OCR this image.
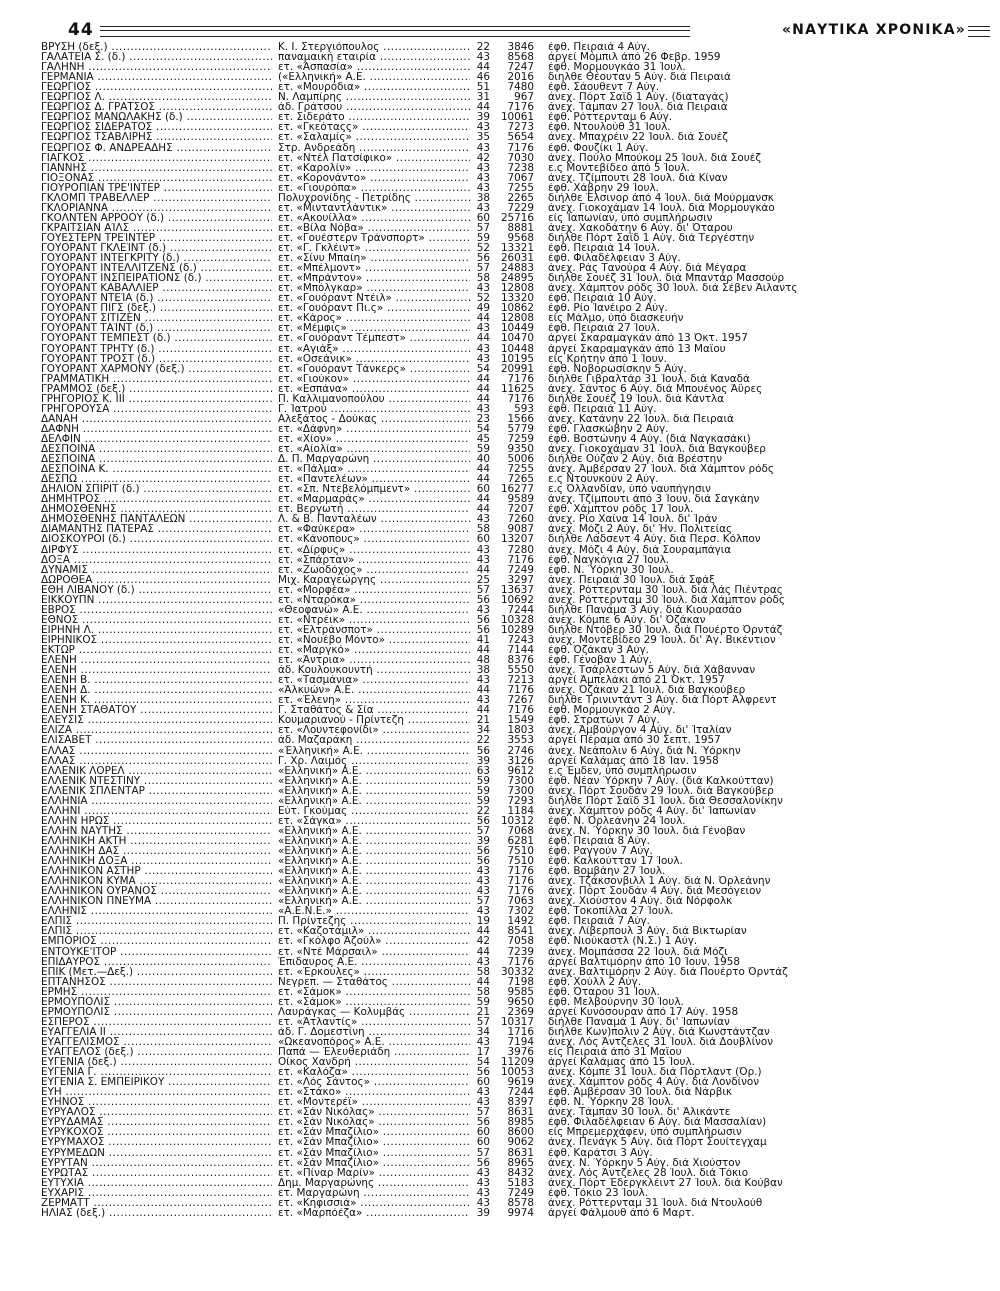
44	«ΝΑΥΤΙΚΑ ΧΡΟΝΙΚΑ»
ΒΡΥΣΗ (δεξ.) .....	Κ. Ι. Στεργιόπουλος .....	22	3846 έφθ. Πειραιά 4 Αύγ.
ΓΑΛΑΤΕΙΑ Σ. (δ.) .....	παναμαική εταιρία .....	43	8568 άργεί Μόμπιλ άπό 26 Φεβρ. 1959
ΓΑΛΗΝΗ .....	ετ. «Άσπασία» .....	44	7247 έφθ. Μορμουγκάο 31 Ίουλ.
ΓΕΡΜΑΝΙΑ .....	(«Ελληνική» Α.Ε. .....	46	2016 διηλθε Θέουταν 5 Αύγ. διά Πειραιά
ΓΕΩΡΓΙΟΣ .....	ετ. «Μουρόδια» .....	51	7480 έφθ. Σάουθεντ 7 Αύγ.
ΓΕΩΡΓΙΟΣ Λ. .....	Ν. Λαμπίρης .....	31	967 άνεχ. Πόρτ Σαΐδ 1 Αύγ. (διαταγάς)
ΓΕΩΡΓΙΟΣ Δ. ΓΡΑΤΣΟΣ .....	άδ. Γράτσου .....	44	7176 άνεχ. Τάμπαν 27 Ίουλ. διά Πειραιά
ΓΕΩΡΓΙΟΣ ΜΑΝΩΛΑΚΗΣ (δ.) .....	ετ. Σιδεράτο .....	39	10061 έφθ. Ρόττερνταμ 6 Αύγ.
ΓΕΩΡΓΙΟΣ ΣΙΔΕΡΑΤΟΣ .....	ετ. «Γκεόταςς» .....	43	7273 έφθ. Ντουλούθ 31 Ίουλ.
ΓΕΩΡΓΙΟΣ ΤΣΑΒΛΙΡΗΣ .....	ετ. «Σαλαμίς» .....	35	5654 άνεχ. Μπαχρέιν 22 Ίουλ. διά Σουέζ
ΓΕΩΡΓΙΟΣ Φ. ΑΝΔΡΕΑΔΗΣ .....	Στρ. Ανδρεάδη .....	43	7176 έφθ. Φουζίκι 1 Αύγ.
ΓΙΑΓΚΟΣ .....	ετ. «Ντέλ Πατσίφικο» .....	42	7030 άνεχ. Πούλο Μπούκομ 25 Ίουλ. διά Σουέζ
ΓΙΑΝΝΗΣ .....	ετ. «Καρολίν» .....	43	7238 ε.ς Μοντεβίδεο άπό 5 Ίουλ.
ΓΙΟΞΟΝΑΣ .....	ετ. «Κορονάντο» .....	43	7067 άνεχ. Τζίμπουτι 28 Ίουλ. διά Κίναν
ΓΙΟΥΡΟΠΙΑΝ ΤΡΕ'ΙΝΤΕΡ .....	ετ. «Γιουρόπα» .....	43	7255 έφθ. Χάβρην 29 Ίουλ.
ΓΚΛΟΜΠ ΤΡΑΒΕΛΛΕΡ .....	Πολυχρονίδης - Πετρίδης .....	38	2265 διήλθε Έλσινορ άπό 4 Ίουλ. διά Μούρμανσκ
ΓΚΛΟΡΙΑΝΝΑ .....	ετ. «Μινταντλάντικ» .....	43	7229 άνεχ. Γιοκοχάμαν 14 Ίουλ. διά Μορμουγκάο
ΓΚΟΛΝΤΕΝ ΑΡΡΟΟΥ (δ.) .....	ετ. «Ακουίλλα» .....	60	25716 είς Ίαπωνίαν, ύπό συμπλήρωσιν
ΓΚΡΑΙΤΣΙΑΝ ΑΊΛΣ .....	ετ. «Βίλα Νόβα» .....	57	8881 άνεχ. Χακοδάτην 6 Αύγ. δι' Όταρου
ΓΟΥΕΣΤΕΡΝ ΤΡΕΊΝΤΕΡ .....	ετ. «Γουέστερν Τράνσπορτ» .....	59	9568 διήλθε Πόρτ Σαΐδ 1 Αύγ. διά Τεργέστην
ΓΟΥΟΡΑΝΤ ΓΚΛΕΊΝΤ (δ.) .....	ετ. «Γ. Γκλέιντ» .....	52	13321 έφθ. Πειραιά 14 Ίουλ.
ΓΟΥΟΡΑΝΤ ΙΝΤΕΓΚΡΙΤΥ (δ.) .....	ετ. «Σίνυ Μπαίη» .....	56	26031 έφθ. Φιλαδέλφειαν 3 Αύγ.
ΓΟΥΟΡΑΝΤ ΙΝΤΕΛΛΙΤΖΕΝΣ (δ.) .....	ετ. «Μπέλμοντ» .....	57	24883 άνεχ. Ράς Τανούρα 4 Αύγ. διά Μέγαρα
ΓΟΥΟΡΑΝΤ ΙΝΣΠΕΙΡΑΤΙΟΝΣ (δ.) .....	ετ. «Μπράντον» .....	58	24895 διήλθε Σουέζ 31 Ίουλ. διά Μπαντάρ Μασσούρ
ΓΟΥΟΡΑΝΤ ΚΑΒΑΛΛΙΕΡ .....	ετ. «Μπόλγκαρ» .....	43	12808 άνεχ. Χάμπτον ρόδς 30 Ίουλ. διά Σέβεν Άιλαντς
ΓΟΥΟΡΑΝΤ ΝΤΕΊΑ (δ.) .....	ετ. «Γουόραντ Ντέιλ» .....	52	13320 έφθ. Πειραιά 10 Αύγ.
ΓΟΥΟΡΑΝΤ ΠΙΓΣ (δεξ.) .....	ετ. «Γουόραντ Πι.ς» .....	49	10862 έφθ. Ρίο Ίανέιρο 2 Αύγ.
ΓΟΥΟΡΑΝΤ ΣΙΤΙΖΕΝ .....	ετ. «Κάρος» .....	44	12808 είς Μάλμο, ύπό διασκευήν
ΓΟΥΟΡΑΝΤ ΤΑΊΝΤ (δ.) .....	ετ. «Μέμφις» .....	43	10449 έφθ. Πειραιά 27 Ίουλ.
ΓΟΥΟΡΑΝΤ ΤΕΜΠΕΣΤ (δ.) .....	ετ. «Γουόραντ Τέμπεστ» .....	44	10470 άργεί Σκαραμαγκάν άπό 13 Όκτ. 1957
ΓΟΥΟΡΑΝΤ ΤΡΗΤΥ (δ.) .....	ετ. «Αγιάξ» .....	43	10448 άργεί Σκαραμαγκάν άπό 13 Μαΐου
ΓΟΥΟΡΑΝΤ ΤΡΟΣΤ (δ.) .....	ετ. «Οσεάνικ» .....	43	10195 είς Κρήτην άπό 1 Ίουν.
ΓΟΥΟΡΑΝΤ ΧΑΡΜΟΝΥ (δεξ.) .....	ετ. «Γουόραντ Τάνκερς» .....	54	20991 έφθ. Νοβορωσίσκην 5 Αύγ.
ΓΡΑΜΜΑΤΙΚΗ .....	ετ. «Γιούκον» .....	44	7176 διήλθε Γιβραλτάρ 31 Ίουλ. διά Καναδά
ΓΡΑΜΜΟΣ (δεξ.) .....	ετ. «Εσπάνα» .....	44	11625 άνεχ. Σάντος 6 Αύγ. διά Μπουένος Άϋρες
ΓΡΗΓΟΡΙΟΣ Κ. ΙΙΙ .....	Π. Καλλιμανοπούλου .....	44	7176 διήλθε Σουέζ 19 Ίουλ. διά Κάντλα
ΓΡΗΓΟΡΟΥΣΑ .....	Γ. Ίατρού .....	43	593 έφθ. Πειραιά 11 Αύγ.
ΔΑΝΑΗ .....	Αλεξάτος - Δούκας .....	23	1566 άνεχ. Κατάνην 22 Ίουλ. διά Πειραιά
ΔΑΦΝΗ .....	ετ. «Δάφνη» .....	54	5779 έφθ. Γλασκώβην 2 Αύγ.
ΔΕΛΦΙΝ .....	ετ. «Χίον» .....	45	7259 έφθ. Βοστώνην 4 Αύγ. (διά Ναγκασάκι)
ΔΕΣΠΟΙΝΑ .....	ετ. «Αίολία» .....	59	9350 άνεχ. Γιοκοχάμαν 31 Ίουλ. διά Βαγκούβερ
ΔΕΣΠΟΙΝΑ .....	Δ. Π. Μαργαρώνη .....	40	5006 διήλθε Ούζαν 2 Αύγ. διά Βρέστην
ΔΕΣΠΟΙΝΑ Κ. .....	ετ. «Πάλμα» .....	44	7255 άνεχ. Άμβέρσαν 27 Ίουλ. διά Χάμπτον ρόδς
ΔΕΣΠΩ .....	ετ. «Παντελέων» .....	44	7265 ε.ς Ντουνκούν 2 Αύγ.
ΔΗΛΙΟΝ ΣΠΙΡΙΤ (δ.) .....	ετ. «Σπ. Ντεβελόμπμεντ» .....	60	16277 ε.ς Όλλανδίαν, ύπό ναυπήγησιν
ΔΗΜΗΤΡΟΣ .....	ετ. «Μαρμαράς» .....	44	9589 άνεχ. Τζίμπουτι άπό 3 Ίουν. διά Σαγκάην
ΔΗΜΟΣΘΕΝΗΣ .....	ετ. Βεργωτή .....	44	7207 έφθ. Χάμπτον ρόδς 17 Ίουλ.
ΔΗΜΟΣΘΕΝΗΣ ΠΑΝΤΑΛΕΩΝ .....	Λ. & Β. Πανταλέων .....	43	7260 άνεχ. Ρίο Χαίνα 14 Ίουλ. δι' Ίράν
ΔΙΑΜΑΝΤΗΣ ΠΑΤΕΡΑΣ .....	ετ. «Φαύκερα» .....	58	9087 άνεχ. Μόζι 2 Αύγ. δι' Ήν. Πολιτείας
ΔΙΟΣΚΟΥΡΟΙ (δ.) .....	ετ. «Κάνοπους» .....	60	13207 διήλθε Λάδσεντ 4 Αύγ. διά Περσ. Κόλπον
ΔΙΡΦΥΣ .....	ετ. «Δίρφυς» .....	43	7280 άνεχ. Μόζι 4 Αύγ. διά Σουραμπάγια
ΔΟΞΑ .....	ετ. «Σπάρταν» .....	43	7176 έφθ. Ναγκόγια 27 Ίουλ.
ΔΥΝΑΜΙΣ .....	ετ. «Ζωοδόχος» .....	44	7249 έφθ. Ν. Ύόρκην 30 Ίουλ.
ΔΩΡΟΘΕΑ .....	Μιχ. Καραγεώργης .....	25	3297 άνεχ. Πειραιά 30 Ίουλ. διά Σφάξ
ΕΘΗ ΛΙΒΑΝΟΥ (δ.) .....	ετ. «Μορφέα» .....	57	13637 άνεχ. Ρόττερνταμ 30 Ίουλ. διά Λάς Πιέντρας
ΕΙΚΚΟΥΠΝ .....	ετ. «Νταρόκα» .....	56	10692 άνεχ. Ρόττερνταμ 30 Ίουλ. διά Χάμπτον ρόδς
ΕΒΡΟΣ .....	«Θεοφανώ» Α.Ε. .....	43	7244 διήλθε Πανάμα 3 Αύγ. διά Κιουρασάο
ΕΘΝΟΣ .....	ετ. «Ντρέικ» .....	56	10328 άνεχ. Κόμπε 6 Αύγ. δι' Όζάκαν
ΕΙΡΗΝΗ Λ. .....	ετ. «Ελτράνσποτ» .....	56	10289 διήλθε Ντόβερ 30 Ίουλ. διά Πουέρτο Όρντάζ
ΕΙΡΗΝΙΚΟΣ .....	ετ. «Νουέβο Μόντο» .....	41	7243 άνεχ. Μοντεβίδεο 29 Ίουλ. δι' Άγ. Βικέντιον
ΕΚΤΩΡ .....	ετ. «Μαργκό» .....	44	7144 έφθ. Όζάκαν 3 Αύγ.
ΕΛΕΝΗ .....	ετ. «Άντρια» .....	48	8376 έφθ. Γένοβαν 1 Αύγ.
ΕΛΕΝΗ .....	άδ. Κουλουκουντή .....	38	5550 άνεχ. Τσάρλεστων 5 Αύγ. διά Χάβανναν
ΕΛΕΝΗ Β. .....	ετ. «Τασμάνια» .....	43	7213 άργεί Άμπελάκι άπό 21 Όκτ. 1957
ΕΛΕΝΗ Δ. .....	«Άλκυών» Α.Ε. .....	44	7176 άνεχ. Όζάκαν 21 Ίουλ. διά Βαγκούβερ
ΕΛΕΝΗ Κ. .....	ετ. «Έλενη» .....	43	7267 διήλθε Τρινιντάντ 3 Αύγ. διά Πόρτ Άλφρεντ
ΕΛΕΝΗ ΣΤΑΘΑΤΟΥ .....	Γ. Σταθάτος & Σία .....	44	7176 έφθ. Μορμουγκάο 2 Αύγ.
ΕΛΕΥΣΙΣ .....	Κουμαριανού - Πρίντεζη .....	21	1549 έφθ. Στρατώνι 7 Αύγ.
ΕΛΙΖΑ .....	ετ. «Λουντεφονίδι» .....	34	1803 άνεχ. Άμβούργον 4 Αύγ. δι' Ίταλίαν
ΕΛΙΣΑΒΕΤ .....	άδ. Μαζαράκη .....	22	3553 άργεί Πέραμα άπό 30 Σεπτ. 1957
ΕΛΛΑΣ .....	«Έλληνική» Α.Ε. .....	56	2746 άνεχ. Νεάπολιν 6 Αύγ. διά Ν. Ύόρκην
ΕΛΛΑΣ .....	Γ. Χρ. Λαιμός .....	39	3126 άργεί Καλάμας άπό 18 Ίαν. 1958
ΕΛΛΕΝΙΚ ΛΟΡΕΛ .....	«Ελληνική» Α.Ε. .....	63	9612 ε.ς Έμδεν, ύπό συμπλήρωσιν
ΕΛΛΕΝΙΚ ΝΤΕΣΤΙΝΥ .....	«Ελληνική» Α.Ε. .....	59	7300 έφθ. Νέαν Ύόρκην 7 Αύγ. (διά Καλκούτταν)
ΕΛΛΕΝΙΚ ΣΠΛΕΝΤΑΡ .....	«Ελληνική» Α.Ε. .....	59	7300 άνεχ. Πόρτ Σουδάν 29 Ίουλ. διά Βαγκούβερ
ΕΛΛΗΝΙΑ .....	«Ελληνική» Α.Ε. .....	59	7293 διήλθε Πόρτ Σαΐδ 31 Ίουλ. διά Θεσσαλονίκην
ΕΛΛΗΝΙ .....	Εύτ. Γκούμας .....	22	1184 άνεχ. Χάμπτον ρόδς 4 Αύγ. δι' Ίαπωνίαν
ΕΛΛΗΝ ΗΡΩΣ .....	ετ. «Σάγκα» .....	56	10312 έφθ. Ν. Όρλεάνην 24 Ίουλ.
ΕΛΛΗΝ ΝΑΥΤΗΣ .....	«Ελληνική» Α.Ε. .....	57	7068 άνεχ. Ν. Ύόρκην 30 Ίουλ. διά Γένοβαν
ΕΛΛΗΝΙΚΗ ΑΚΤΗ .....	«Ελληνική» Α.Ε. .....	39	6281 έφθ. Πειραιά 8 Αύγ.
ΕΛΛΗΝΙΚΗ ΔΑΣ .....	«Ελληνική» Α.Ε. .....	56	7510 έφθ. Ραγγούν 7 Αύγ.
ΕΛΛΗΝΙΚΗ ΔΟΞΑ .....	«Ελληνική» Α.Ε. .....	56	7510 έφθ. Καλκούτταν 17 Ίουλ.
ΕΛΛΗΝΙΚΟΝ ΑΣΤΗΡ .....	«Ελληνική» Α.Ε. .....	43	7176 έφθ. Βομβάην 27 Ίουλ.
ΕΛΛΗΝΙΚΟΝ ΚΥΜΑ .....	«Ελληνική» Α.Ε. .....	43	7176 άνεχ. Τζάκσονβιλλ 1 Αύγ. διά Ν. Όρλεάνην
ΕΛΛΗΝΙΚΟΝ ΟΥΡΑΝΟΣ .....	«Ελληνική» Α.Ε. .....	43	7176 άνεχ. Πόρτ Σουδάν 4 Αύγ. διά Μεσόγειον
ΕΛΛΗΝΙΚΟΝ ΠΝΕΥΜΑ .....	«Ελληνική» Α.Ε. .....	57	7063 άνεχ. Χιούστον 4 Αύγ. διά Νόρφολκ
ΕΛΛΗΝΙΣ .....	«Α.Ε.Ν.Ε.» .....	43	7302 έφθ. Τοκοπίλλα 27 Ίουλ.
ΕΛΠΙΣ .....	Π. Πρίντεζης .....	19	1492 έφθ. Πειραιά 7 Αύγ.
ΕΛΠΙΣ .....	ετ. «Καζοτάμιλ» .....	44	8541 άνεχ. Λίβερπουλ 3 Αύγ. διά Βικτωρίαν
ΕΜΠΟΡΙΟΣ .....	ετ. «Γκόλφο Άζούλ» .....	42	7058 έφθ. Νιούκαστλ (Ν.Σ.) 1 Αύγ.
ΕΝΤΟΥΚΕ'ΙΤΟΡ .....	ετ. «Ντέ Μάρσαιλ» .....	44	7239 άνεχ. Μομπάσσα 22 Ίουλ. διά Μόζι
ΕΠΙΔΑΥΡΟΣ .....	Έπιδαυρος Α.Ε. .....	43	7176 άργεί Βαλτιμόρην άπό 10 Ίουν. 1958
ΕΠΙΚ (Μετ.—Δεξ.) .....	ετ. «Έρκουλες» .....	58	30332 άνεχ. Βαλτιμόρην 2 Αύγ. διά Πουέρτο Όρντάζ
ΕΠΤΑΝΗΣΟΣ .....	Νεγρεπ. — Σταθάτος .....	44	7198 έφθ. Χούλλ 2 Αύγ.
ΕΡΜΗΣ .....	ετ. «Σάμοκ» .....	58	9585 έφθ. Όταρου 31 Ίουλ.
ΕΡΜΟΥΠΟΛΙΣ .....	ετ. «Σάμοκ» .....	59	9650 έφθ. Μελβούρνην 30 Ίουλ.
ΕΡΜΟΥΠΟΛΙΣ .....	Λαυράγκας — Κολυμβάς .....	21	2369 άργεί Κυνόσουραν άπό 17 Αύγ. 1958
ΕΣΠΕΡΟΣ .....	ετ. «Άτλαντίς» .....	57	10317 διήλθε Παναμά 1 Αύγ. δι' Ίαπωνίαν
ΕΥΑΓΓΕΛΙΑ ΙΙ .....	άδ. Γ. Δομεστίνη .....	34	1716 διήλθε Κων)πολιν 2 Αύγ. διά Κωνστάντζαν
ΕΥΑΓΓΕΛΙΣΜΟΣ .....	«Ωκεανοπόρος» Α.Ε. .....	43	7194 άνεχ. Λός Άντζελες 31 Ίουλ. διά Δουβλίνον
ΕΥΑΓΓΕΛΟΣ (δεξ.) .....	Παπά — Έλευθεριάδη .....	17	3976 είς Πειραιά άπό 31 Μαΐου
ΕΥΓΕΝΙΑ (δεξ.) .....	Οίκος Χανδρή .....	54	11209 άργεί Καλάμας άπό 15 Ίουλ.
ΕΥΓΕΝΙΑ Γ. .....	ετ. «Καλόζα» .....	56	10053 άνεχ. Κόμπε 31 Ίουλ. διά Πόρτλαντ (Όρ.)
ΕΥΓΕΝΙΑ Σ. ΕΜΠΕΙΡΙΚΟΥ .....	ετ. «Λός Σάντος» .....	60	9619 άνεχ. Χάμπτον ρόδς 4 Αύγ. διά Λονδίνον
ΕΥΗ .....	ετ. «Στάκο» .....	43	7244 έφθ. Άμβέρσαν 30 Ίουλ. διά Νάρβικ
ΕΥΗΝΟΣ .....	ετ. «Μοντερέϊ» .....	43	8397 έφθ. Ν. Ύόρκην 28 Ίουλ.
ΕΥΡΥΑΛΟΣ .....	ετ. «Σάν Νικόλας» .....	57	8631 άνεχ. Τάμπαν 30 Ίουλ. δι' Άλικάντε
ΕΥΡΥΔΑΜΑΣ .....	ετ. «Σάν Νικόλας» .....	56	8985 έφθ. Φιλαδέλφειαν 6 Αύγ. διά Μασσαλίαν)
ΕΥΡΥΚΟΧΟΣ .....	ετ. «Σάν Μπαζίλιο» .....	60	8600 είς Μπρεμερχάφεν, ύπό συμπλήρωσιν
ΕΥΡΥΜΑΧΟΣ .....	ετ. «Σάν Μπαζίλιο» .....	60	9062 άνεχ. Πενάγκ 5 Αύγ. διά Πόρτ Σουίτεγχαμ
ΕΥΡΥΜΕΔΩΝ .....	ετ. «Σάν Μπαζίλιο» .....	57	8631 έφθ. Καράτσι 3 Αύγ.
ΕΥΡΥΤΑΝ .....	ετ. «Σάν Μπαζίλιο» .....	56	8965 άνεχ. Ν. Ύόρκην 5 Αύγ. διά Χιούστον
ΕΥΡΩΤΑΣ .....	ετ. «Πίναρ Μαρίν» .....	43	8432 άνεχ. Λός Άντζελες 28 Ίουλ. διά Τόκιο
ΕΥΤΥΧΙΑ .....	Δημ. Μαργαρώνης .....	43	5183 άνεχ. Πόρτ Έδεργκλέιντ 27 Ίουλ. διά Κούβαν
ΕΥΧΑΡΙΣ .....	ετ. Μαργαρώνη .....	43	7249 έφθ. Τόκιο 23 Ίουλ.
ΖΕΡΜΑΤΤ .....	ετ. «Κηφισσιά» .....	43	8578 άνεχ. Ρόττερνταμ 31 Ίουλ. διά Ντουλούθ
ΗΛΙΑΣ (δεξ.) .....	ετ. «Μαρπόέζα» .....	39	9974 άργεί Φάλμουθ άπό 6 Μαρτ.
